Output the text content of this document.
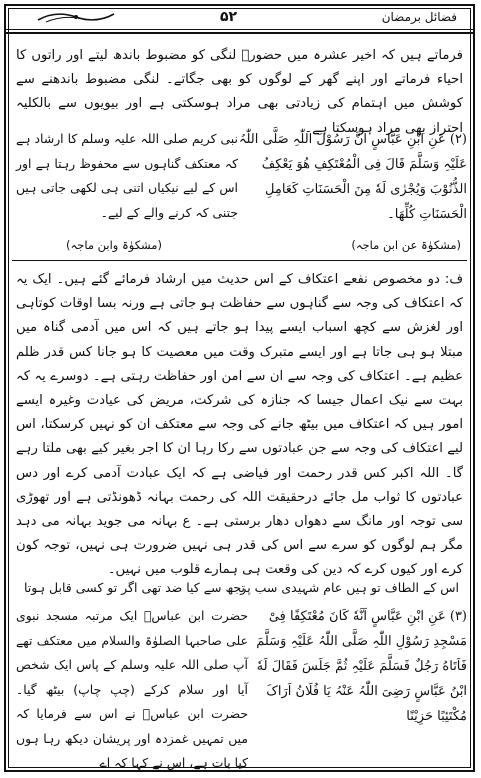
۵۲	فضائل برمضان

فرماتے ہیں کہ اخیر عشرہ میں حضورؐ لنگی کو مضبوط باندھ لیتے اور راتوں کا احیاء فرماتے اور اپنے گھر کے لوگوں کو بھی جگاتے۔ لنگی مضبوط باندھنے سے کوشش میں اہتمام کی زیادتی بھی مراد ہوسکتی ہے اور بیویوں سے بالکلیہ احتراز بھی مراد ہوسکتا ہے۔

(۲) عَنِ ابْنِ عَبَّاسٍ اَنَّ رَسُوْلَ اللّٰہِ صَلَّی اللّٰہُ عَلَیْہِ وَسَلَّمَ قَالَ فِی الْمُعْتَکِفِ هُوَ یَعْکِفُ الذُّنُوْبَ وَیُجْرٰی لَهٗ مِنَ الْحَسَنَاتِ کَعَامِلِ الْحَسَنَاتِ کُلِّهَا۔

نبی کریم صلی اللہ علیہ وسلم کا ارشاد ہے کہ معتکف گناہوں سے محفوظ رہتا ہے اور اس کے لیے نیکیاں اتنی ہی لکھی جاتی ہیں جتنی کہ کرنے والے کے لیے۔

(مشکوٰۃ عن ابن ماجہ)
(مشکوٰۃ وابن ماجہ)

ف: دو مخصوص نفعے اعتکاف کے اس حدیث میں ارشاد فرمائے گئے ہیں۔ ایک یہ کہ اعتکاف کی وجہ سے گناہوں سے حفاظت ہو جاتی ہے ورنہ بسا اوقات کوتاہی اور لغزش سے کچھ اسباب ایسے پیدا ہو جاتے ہیں کہ اس میں آدمی گناہ میں مبتلا ہو ہی جاتا ہے اور ایسے متبرک وقت میں معصیت کا ہو جانا کس قدر ظلم عظیم ہے۔ اعتکاف کی وجہ سے ان سے امن اور حفاظت رہتی ہے۔ دوسرے یہ کہ بہت سے نیک اعمال جیسا کہ جنازہ کی شرکت، مریض کی عیادت وغیرہ ایسے امور ہیں کہ اعتکاف میں بیٹھ جانے کی وجہ سے معتکف ان کو نہیں کرسکتا، اس لیے اعتکاف کی وجہ سے جن عبادتوں سے رکا رہا ان کا اجر بغیر کیے بھی ملتا رہے گا۔ اللہ اکبر کس قدر رحمت اور فیاضی ہے کہ ایک عبادت آدمی کرے اور دس عبادتوں کا ثواب مل جائے درحقیقت اللہ کی رحمت بہانہ ڈھونڈتی ہے اور تھوڑی سی توجہ اور مانگ سے دھواں دھار برستی ہے۔ ع بہانہ می جوید بہانہ می دہد مگر ہم لوگوں کو سرے سے اس کی قدر ہی نہیں ضرورت ہی نہیں، توجہ کون کرے اور کیوں کرے کہ دین کی وقعت ہی ہمارے قلوب میں نہیں۔

اس کے الطاف تو ہیں عام شہیدی سب پر
تجھ سے کیا ضد تھی اگر تو کسی قابل ہوتا

(۳) عَنِ ابْنِ عَبَّاسٍ اَنَّهٗ کَانَ مُعْتَکِفًا فِیْ مَسْجِدِ رَسُوْلِ اللّٰہِ صَلَّی اللّٰہُ عَلَیْہِ وَسَلَّمَ فَاَتَاهُ رَجُلٌ فَسَلَّمَ عَلَیْہِ ثُمَّ جَلَسَ فَقَالَ لَهٗ ابْنُ عَبَّاسٍ رَضِیَ اللّٰہُ عَنْہُ یَا فُلَانُ اَرَاکَ مُکْتَئِبًا حَزِیْنًا

حضرت ابن عباسؓ ایک مرتبہ مسجد نبوی علی صاحبہا الصلوٰۃ والسلام میں معتکف تھے آپ صلی اللہ علیہ وسلم کے پاس ایک شخص آیا اور سلام کرکے (چپ چاپ) بیٹھ گیا۔ حضرت ابن عباسؓ نے اس سے فرمایا کہ میں تمہیں غمزدہ اور پریشان دیکھ رہا ہوں کیا بات ہے، اس نے کہا کہ اے
